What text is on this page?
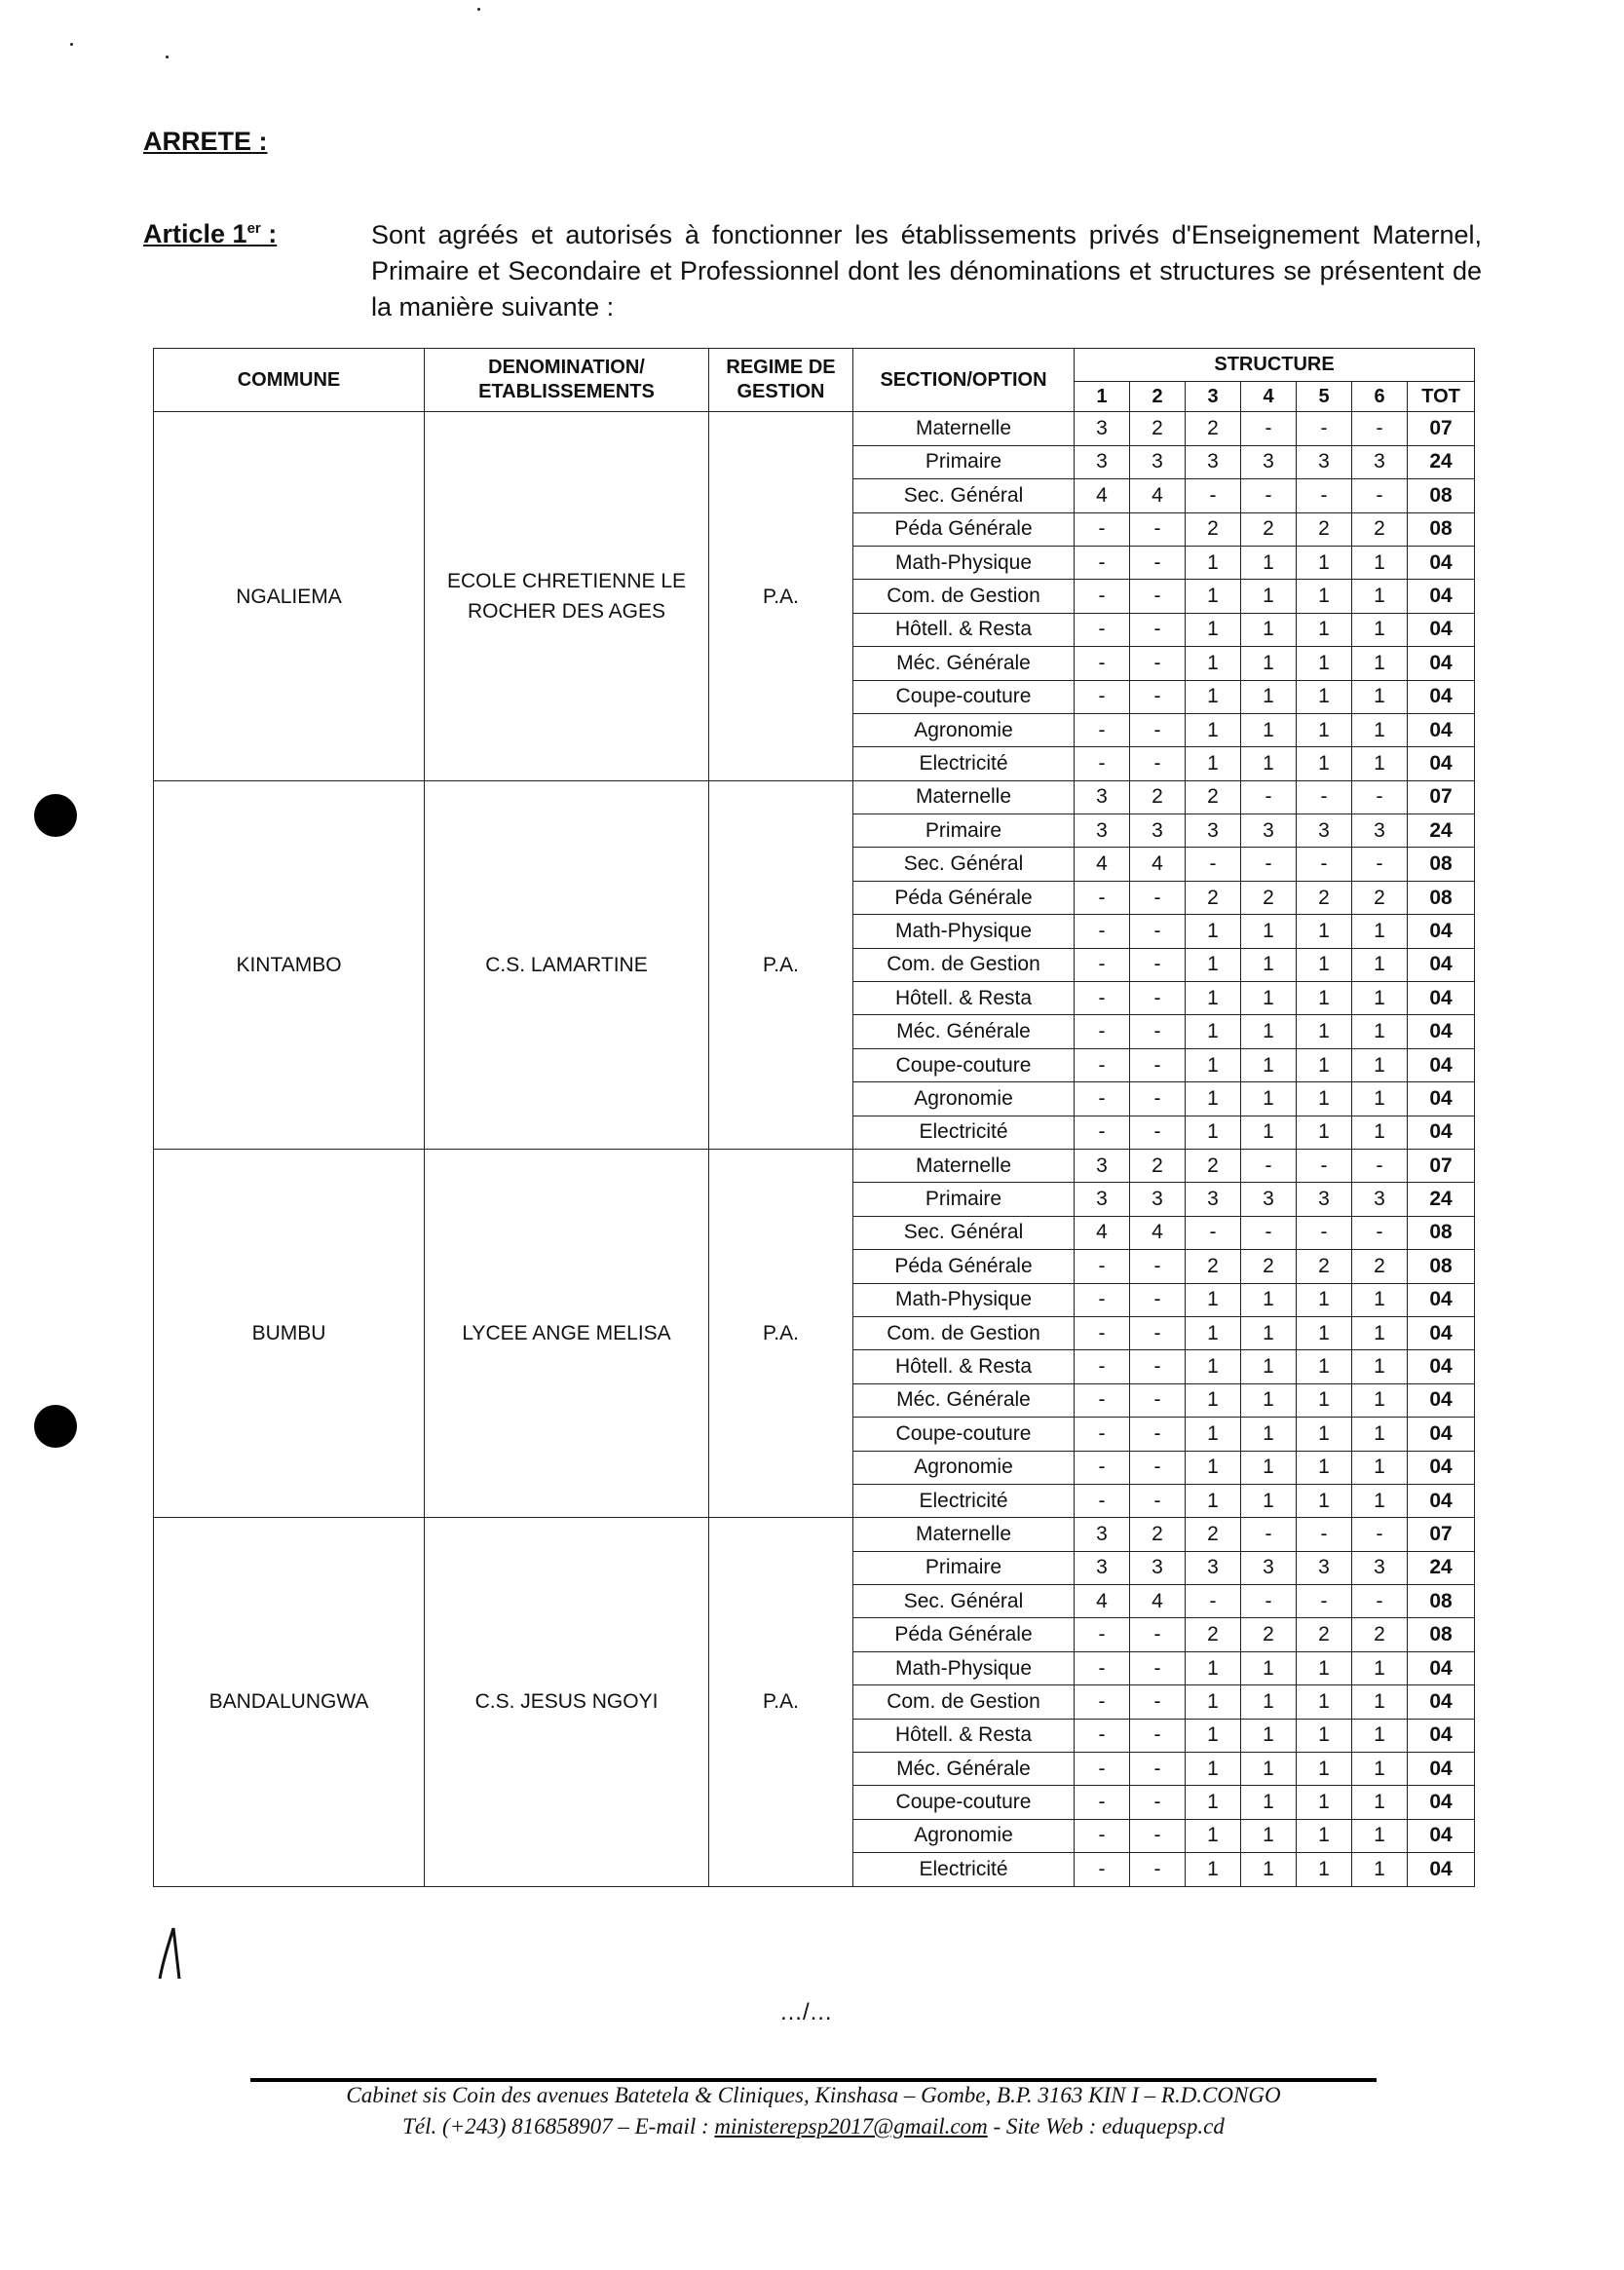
ARRETE :
Article 1er :	Sont agréés et autorisés à fonctionner les établissements privés d'Enseignement Maternel, Primaire et Secondaire et Professionnel dont les dénominations et structures se présentent de la manière suivante :
COMMUNE	DENOMINATION/ ETABLISSEMENTS	REGIME DE GESTION	SECTION/OPTION	STRUCTURE						
				1	2	3	4	5	6	TOT
NGALIEMA	ECOLE CHRETIENNE LE ROCHER DES AGES	P.A.	Maternelle	3	2	2	-	-	-	07
			Primaire	3	3	3	3	3	3	24
			Sec. Général	4	4	-	-	-	-	08
			Péda Générale	-	-	2	2	2	2	08
			Math-Physique	-	-	1	1	1	1	04
			Com. de Gestion	-	-	1	1	1	1	04
			Hôtell. & Resta	-	-	1	1	1	1	04
			Méc. Générale	-	-	1	1	1	1	04
			Coupe-couture	-	-	1	1	1	1	04
			Agronomie	-	-	1	1	1	1	04
			Electricité	-	-	1	1	1	1	04
KINTAMBO	C.S. LAMARTINE	P.A.	Maternelle	3	2	2	-	-	-	07
			Primaire	3	3	3	3	3	3	24
			Sec. Général	4	4	-	-	-	-	08
			Péda Générale	-	-	2	2	2	2	08
			Math-Physique	-	-	1	1	1	1	04
			Com. de Gestion	-	-	1	1	1	1	04
			Hôtell. & Resta	-	-	1	1	1	1	04
			Méc. Générale	-	-	1	1	1	1	04
			Coupe-couture	-	-	1	1	1	1	04
			Agronomie	-	-	1	1	1	1	04
			Electricité	-	-	1	1	1	1	04
BUMBU	LYCEE ANGE MELISA	P.A.	Maternelle	3	2	2	-	-	-	07
			Primaire	3	3	3	3	3	3	24
			Sec. Général	4	4	-	-	-	-	08
			Péda Générale	-	-	2	2	2	2	08
			Math-Physique	-	-	1	1	1	1	04
			Com. de Gestion	-	-	1	1	1	1	04
			Hôtell. & Resta	-	-	1	1	1	1	04
			Méc. Générale	-	-	1	1	1	1	04
			Coupe-couture	-	-	1	1	1	1	04
			Agronomie	-	-	1	1	1	1	04
			Electricité	-	-	1	1	1	1	04
BANDALUNGWA	C.S. JESUS NGOYI	P.A.	Maternelle	3	2	2	-	-	-	07
			Primaire	3	3	3	3	3	3	24
			Sec. Général	4	4	-	-	-	-	08
			Péda Générale	-	-	2	2	2	2	08
			Math-Physique	-	-	1	1	1	1	04
			Com. de Gestion	-	-	1	1	1	1	04
			Hôtell. & Resta	-	-	1	1	1	1	04
			Méc. Générale	-	-	1	1	1	1	04
			Coupe-couture	-	-	1	1	1	1	04
			Agronomie	-	-	1	1	1	1	04
			Electricité	-	-	1	1	1	1	04
…/…
Cabinet sis Coin des avenues Batetela & Cliniques, Kinshasa – Gombe, B.P. 3163 KIN I – R.D.CONGO
Tél. (+243) 816858907 – E-mail : ministerepsp2017@gmail.com - Site Web : eduquepsp.cd
